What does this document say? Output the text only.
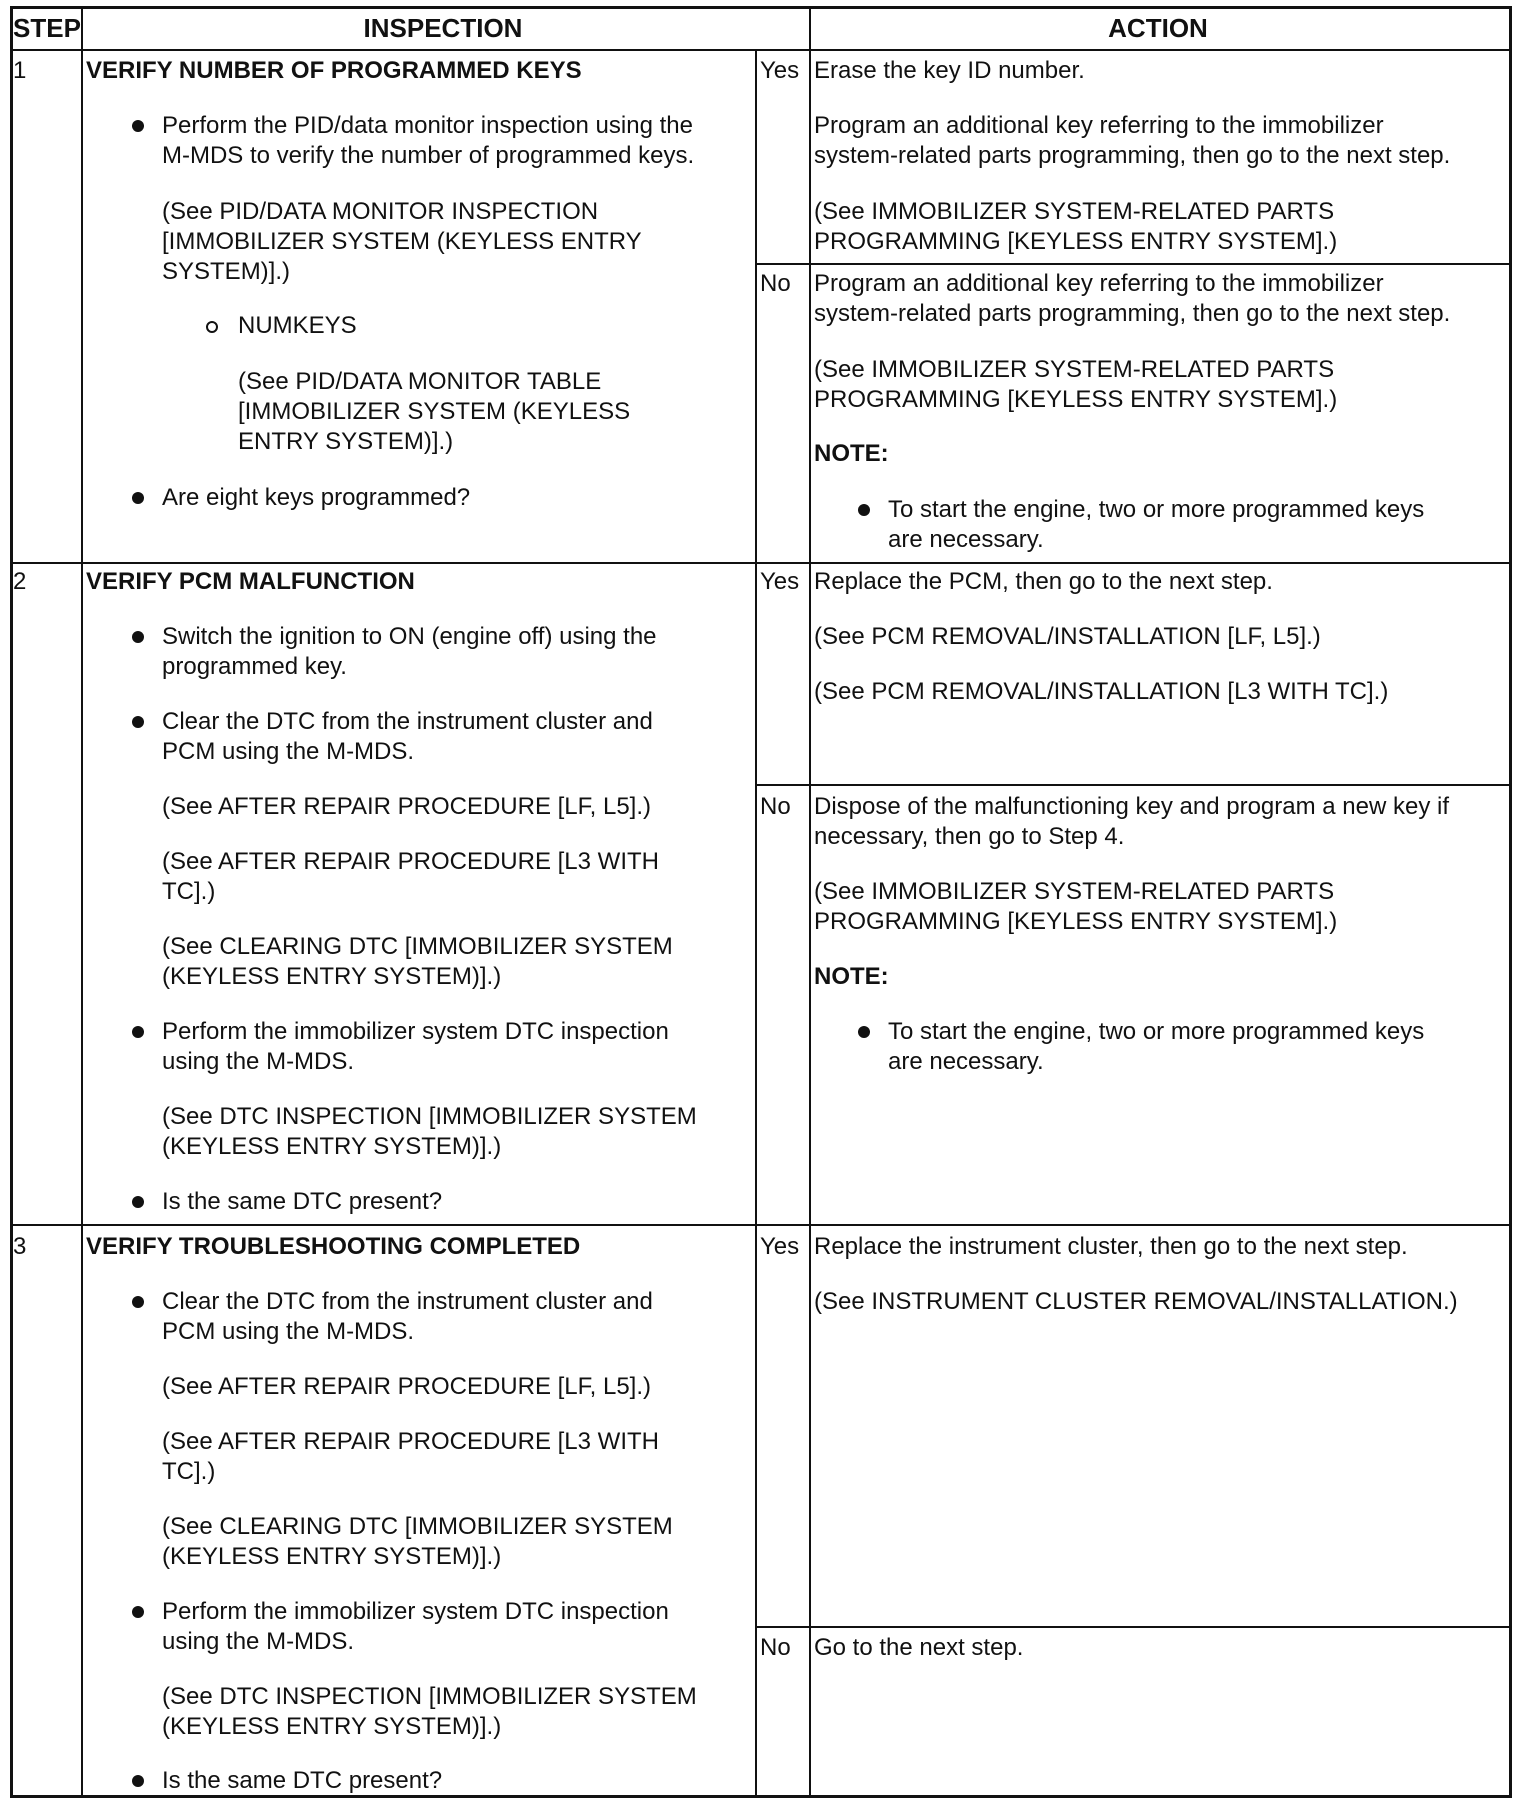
STEP	INSPECTION	ACTION
1 VERIFY NUMBER OF PROGRAMMED KEYS
Perform the PID/data monitor inspection using the
M-MDS to verify the number of programmed keys.
(See PID/DATA MONITOR INSPECTION
[IMMOBILIZER SYSTEM (KEYLESS ENTRY
SYSTEM)].)
NUMKEYS
(See PID/DATA MONITOR TABLE
[IMMOBILIZER SYSTEM (KEYLESS
ENTRY SYSTEM)].)
Are eight keys programmed?
Yes Erase the key ID number.
Program an additional key referring to the immobilizer
system-related parts programming, then go to the next step.
(See IMMOBILIZER SYSTEM-RELATED PARTS
PROGRAMMING [KEYLESS ENTRY SYSTEM].)
No Program an additional key referring to the immobilizer
system-related parts programming, then go to the next step.
(See IMMOBILIZER SYSTEM-RELATED PARTS
PROGRAMMING [KEYLESS ENTRY SYSTEM].)
NOTE:
To start the engine, two or more programmed keys
are necessary.
2 VERIFY PCM MALFUNCTION
Switch the ignition to ON (engine off) using the
programmed key.
Clear the DTC from the instrument cluster and
PCM using the M-MDS.
(See AFTER REPAIR PROCEDURE [LF, L5].)
(See AFTER REPAIR PROCEDURE [L3 WITH
TC].)
(See CLEARING DTC [IMMOBILIZER SYSTEM
(KEYLESS ENTRY SYSTEM)].)
Perform the immobilizer system DTC inspection
using the M-MDS.
(See DTC INSPECTION [IMMOBILIZER SYSTEM
(KEYLESS ENTRY SYSTEM)].)
Is the same DTC present?
Yes Replace the PCM, then go to the next step.
(See PCM REMOVAL/INSTALLATION [LF, L5].)
(See PCM REMOVAL/INSTALLATION [L3 WITH TC].)
No Dispose of the malfunctioning key and program a new key if
necessary, then go to Step 4.
(See IMMOBILIZER SYSTEM-RELATED PARTS
PROGRAMMING [KEYLESS ENTRY SYSTEM].)
NOTE:
To start the engine, two or more programmed keys
are necessary.
3 VERIFY TROUBLESHOOTING COMPLETED
Clear the DTC from the instrument cluster and
PCM using the M-MDS.
(See AFTER REPAIR PROCEDURE [LF, L5].)
(See AFTER REPAIR PROCEDURE [L3 WITH
TC].)
(See CLEARING DTC [IMMOBILIZER SYSTEM
(KEYLESS ENTRY SYSTEM)].)
Perform the immobilizer system DTC inspection
using the M-MDS.
(See DTC INSPECTION [IMMOBILIZER SYSTEM
(KEYLESS ENTRY SYSTEM)].)
Is the same DTC present?
Yes Replace the instrument cluster, then go to the next step.
(See INSTRUMENT CLUSTER REMOVAL/INSTALLATION.)
No Go to the next step.
